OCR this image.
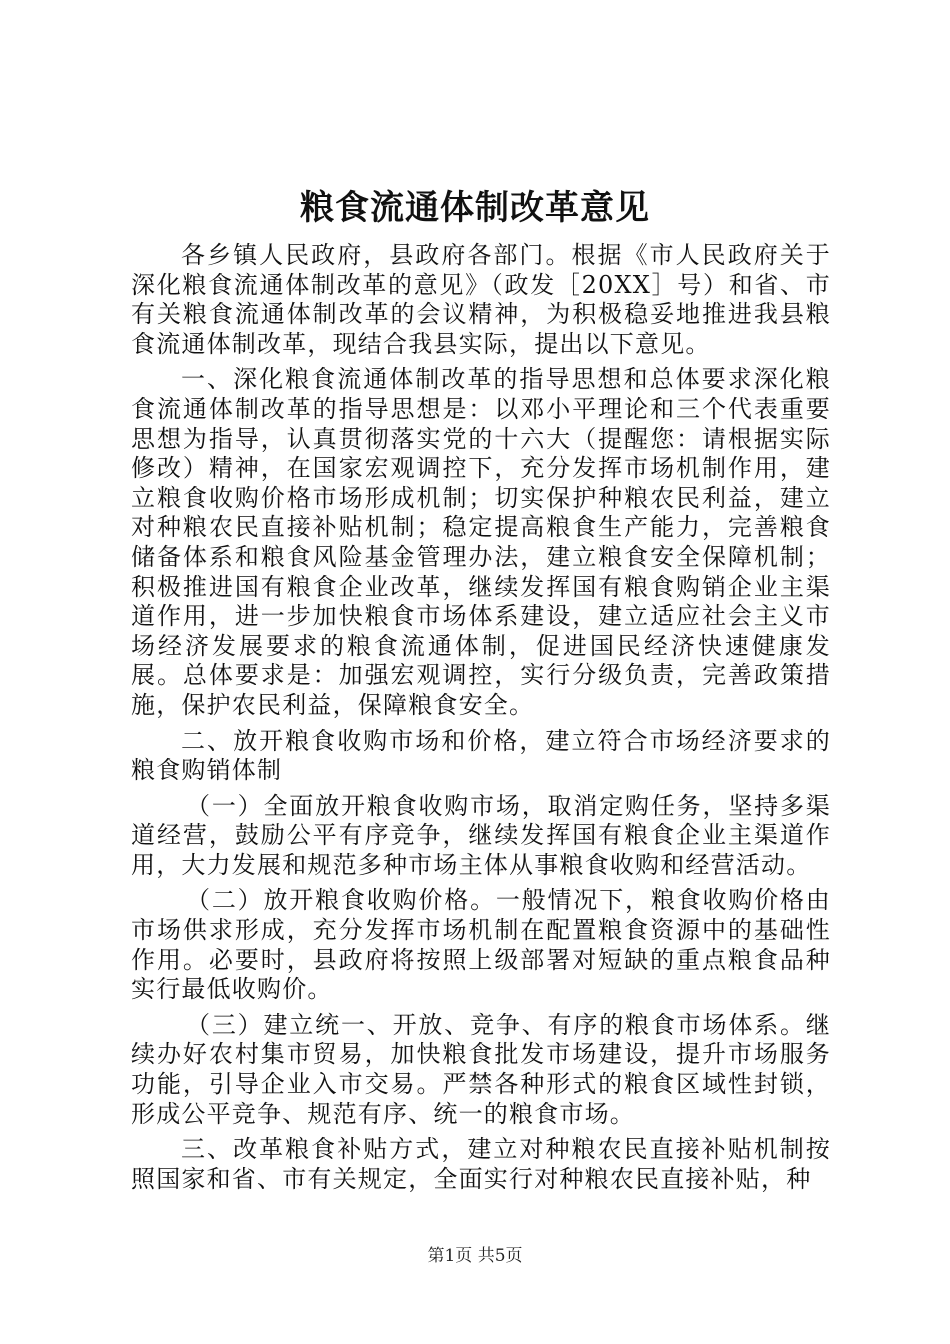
粮食流通体制改革意见

各乡镇人民政府，县政府各部门。根据《市人民政府关于深化粮食流通体制改革的意见》（政发［20XX］号）和省、市有关粮食流通体制改革的会议精神，为积极稳妥地推进我县粮食流通体制改革，现结合我县实际，提出以下意见。

一、深化粮食流通体制改革的指导思想和总体要求深化粮食流通体制改革的指导思想是：以邓小平理论和三个代表重要思想为指导，认真贯彻落实党的十六大（提醒您：请根据实际修改）精神，在国家宏观调控下，充分发挥市场机制作用，建立粮食收购价格市场形成机制；切实保护种粮农民利益，建立对种粮农民直接补贴机制；稳定提高粮食生产能力，完善粮食储备体系和粮食风险基金管理办法，建立粮食安全保障机制；积极推进国有粮食企业改革，继续发挥国有粮食购销企业主渠道作用，进一步加快粮食市场体系建设，建立适应社会主义市场经济发展要求的粮食流通体制，促进国民经济快速健康发展。总体要求是：加强宏观调控，实行分级负责，完善政策措施，保护农民利益，保障粮食安全。

二、放开粮食收购市场和价格，建立符合市场经济要求的粮食购销体制

（一）全面放开粮食收购市场，取消定购任务，坚持多渠道经营，鼓励公平有序竞争，继续发挥国有粮食企业主渠道作用，大力发展和规范多种市场主体从事粮食收购和经营活动。

（二）放开粮食收购价格。一般情况下，粮食收购价格由市场供求形成，充分发挥市场机制在配置粮食资源中的基础性作用。必要时，县政府将按照上级部署对短缺的重点粮食品种实行最低收购价。

（三）建立统一、开放、竞争、有序的粮食市场体系。继续办好农村集市贸易，加快粮食批发市场建设，提升市场服务功能，引导企业入市交易。严禁各种形式的粮食区域性封锁，形成公平竞争、规范有序、统一的粮食市场。

三、改革粮食补贴方式，建立对种粮农民直接补贴机制按照国家和省、市有关规定，全面实行对种粮农民直接补贴，种

第1页 共5页
